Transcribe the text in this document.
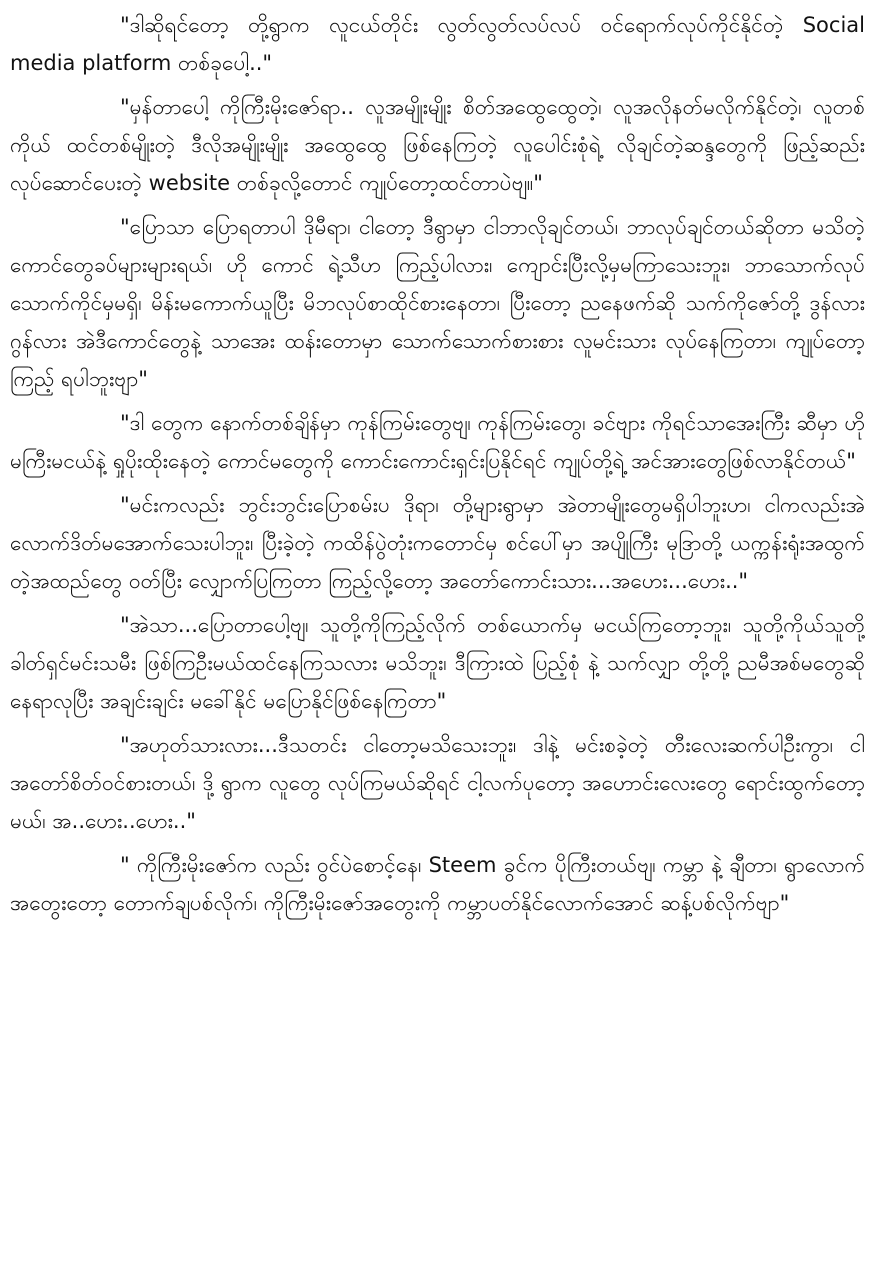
"ဒါဆိုရင်တော့ တို့ရွာက လူငယ်တိုင်း လွတ်လွတ်လပ်လပ် ဝင်ရောက်လုပ်ကိုင်နိုင်တဲ့ Social media platform တစ်ခုပေါ့.."

"မှန်တာပေါ့ ကိုကြီးမိုးဇော်ရာ.. လူအမျိုးမျိုး စိတ်အထွေထွေတဲ့၊ လူအလိုနတ်မလိုက်နိုင်တဲ့၊ လူတစ်ကိုယ် ထင်တစ်မျိုးတဲ့ ဒီလိုအမျိုးမျိုး အထွေထွေ ဖြစ်နေကြတဲ့ လူပေါင်းစုံရဲ့ လိုချင်တဲ့ဆန္ဒတွေကို ဖြည့်ဆည်းလုပ်ဆောင်ပေးတဲ့ website တစ်ခုလို့တောင် ကျုပ်တော့ထင်တာပဲဗျ။"

"ပြောသာ ပြောရတာပါ ဒိုမီရာ၊ ငါတော့ ဒီရွာမှာ ငါဘာလိုချင်တယ်၊ ဘာလုပ်ချင်တယ်ဆိုတာ မသိတဲ့ကောင်တွေခပ်များများရယ်၊ ဟို ကောင် ရဲ့သီဟ ကြည့်ပါလား၊ ကျောင်းပြီးလို့မှမကြာသေးဘူး၊ ဘာသောက်လုပ်သောက်ကိုင်မှမရှိ၊ မိန်းမကောက်ယူပြီး မိဘလုပ်စာထိုင်စားနေတာ၊ ပြီးတော့ ညနေဖက်ဆို သက်ကိုဇော်တို့ ဒွန်လား ဂွန်လား အဲဒီကောင်တွေနဲ့ သာအေး ထန်းတောမှာ သောက်သောက်စားစား လူမင်းသား လုပ်နေကြတာ၊ ကျုပ်တော့ကြည့် ရပါဘူးဗျာ"

"ဒါ တွေက နောက်တစ်ချိန်မှာ ကုန်ကြမ်းတွေဗျ၊ ကုန်ကြမ်းတွေ၊ ခင်ဗျား ကိုရင်သာအေးကြီး ဆီမှာ ဟို မကြီးမငယ်နဲ့ ရှုပိုးထိုးနေတဲ့ ကောင်မတွေကို ကောင်းကောင်းရှင်းပြနိုင်ရင် ကျုပ်တို့ရဲ့ အင်အားတွေဖြစ်လာနိုင်တယ်"

"မင်းကလည်း ဘွင်းဘွင်းပြောစမ်းပ ဒိုရာ၊ တို့များရွာမှာ အဲတာမျိုးတွေမရှိပါဘူးဟ၊ ငါကလည်းအဲလောက်ဒိတ်မအောက်သေးပါဘူး၊ ပြီးခဲ့တဲ့ ကထိန်ပွဲတုံးကတောင်မှ စင်ပေါ်မှာ အပျိုကြီး မုဒြာတို့ ယက္ကန်းရုံးအထွက်တဲ့အထည်တွေ ဝတ်ပြီး လျှောက်ပြကြတာ ကြည့်လို့တော့ အတော်ကောင်းသား...အဟေး...ဟေး.."

"အဲသာ...ပြောတာပေါ့ဗျ၊ သူတို့ကိုကြည့်လိုက် တစ်ယောက်မှ မငယ်ကြတော့ဘူး၊ သူတို့ကိုယ်သူတို့ ခါတ်ရှင်မင်းသမီး ဖြစ်ကြဦးမယ်ထင်နေကြသလား မသိဘူး၊ ဒီကြားထဲ ပြည့်စုံ နဲ့ သက်လျှာ တို့တို့ ညမီအစ်မတွေဆို နေရာလုပြီး အချင်းချင်း မခေါ်နိုင် မပြောနိုင်ဖြစ်နေကြတာ"

"အဟုတ်သားလား...ဒီသတင်း ငါတော့မသိသေးဘူး၊ ဒါနဲ့ မင်းစခဲ့တဲ့ တီးလေးဆက်ပါဦးကွာ၊ ငါအတော်စိတ်ဝင်စားတယ်၊ ဒို့ ရွာက လူတွေ လုပ်ကြမယ်ဆိုရင် ငါ့လက်ပုတော့ အဟောင်းလေးတွေ ရောင်းထွက်တော့မယ်၊ အ..ဟေး..ဟေး.."

" ကိုကြီးမိုးဇော်က လည်း ဝွင်ပဲစောင့်နေ၊ Steem ခွင်က ပိုကြီးတယ်ဗျ၊ ကမ္ဘာ နဲ့ ချီတာ၊ ရွာလောက်အတွေးတော့ တောက်ချပစ်လိုက်၊ ကိုကြီးမိုးဇော်အတွေးကို ကမ္ဘာပတ်နိုင်လောက်အောင် ဆန့်ပစ်လိုက်ဗျာ"
